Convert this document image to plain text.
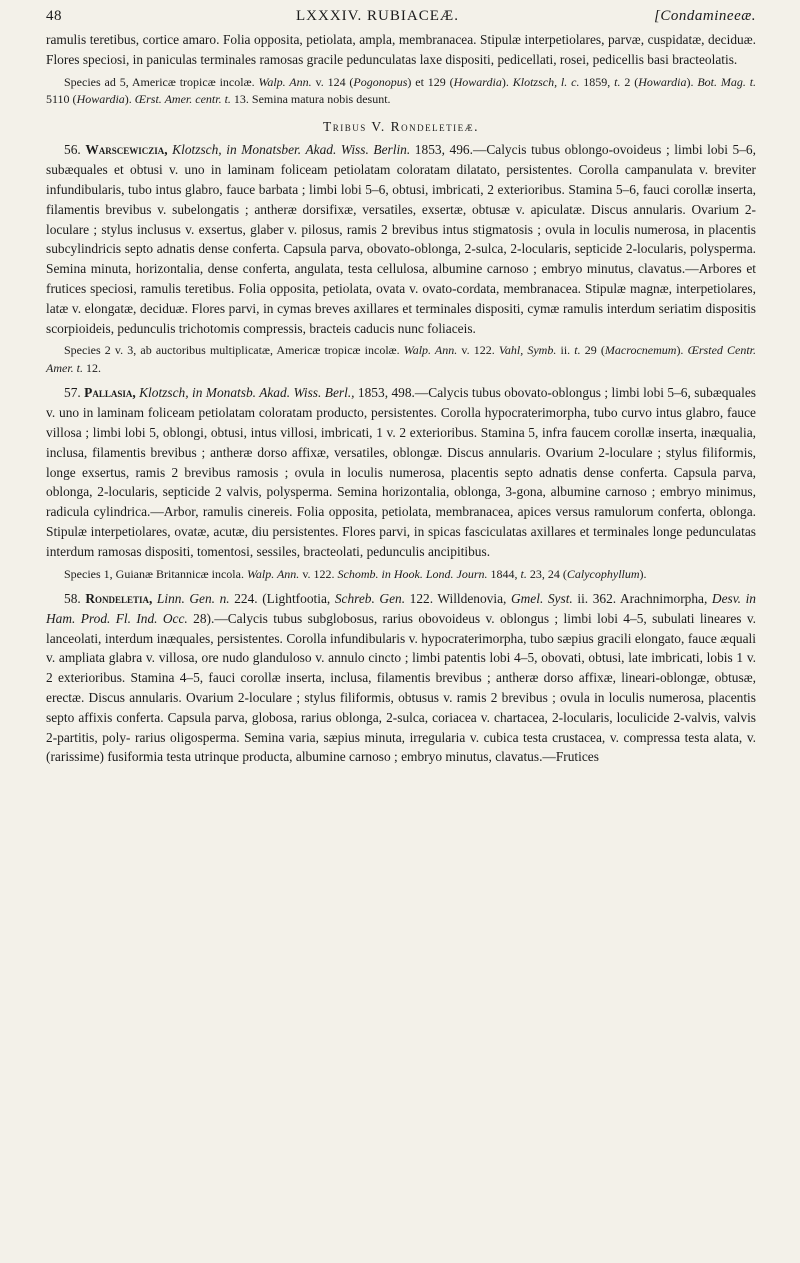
48	LXXXIV. RUBIACEÆ.	[Condamineeæ.

ramulis teretibus, cortice amaro. Folia opposita, petiolata, ampla, membranacea. Stipulæ interpetiolares, parvæ, cuspidatæ, deciduæ. Flores speciosi, in paniculas terminales ramosas gracile pedunculatas laxe dispositi, pedicellati, rosei, pedicellis basi bracteolatis.

Species ad 5, Americæ tropicæ incolæ. Walp. Ann. v. 124 (Pogonopus) et 129 (Howardia). Klotzsch, l. c. 1859, t. 2 (Howardia). Bot. Mag. t. 5110 (Howardia). Œrst. Amer. centr. t. 13. Semina matura nobis desunt.

Tribus V. Rondeletieæ.

56. Warscewiczia, Klotzsch, in Monatsber. Akad. Wiss. Berlin. 1853, 496.—Calycis tubus oblongo-ovoideus ; limbi lobi 5–6, subæquales et obtusi v. uno in laminam foliceam petiolatam coloratam dilatato, persistentes. Corolla campanulata v. breviter infundibularis, tubo intus glabro, fauce barbata ; limbi lobi 5–6, obtusi, imbricati, 2 exterioribus. Stamina 5–6, fauci corollæ inserta, filamentis brevibus v. subelongatis ; antheræ dorsifixæ, versatiles, exsertæ, obtusæ v. apiculatæ. Discus annularis. Ovarium 2-loculare ; stylus inclusus v. exsertus, glaber v. pilosus, ramis 2 brevibus intus stigmatosis ; ovula in loculis numerosa, in placentis subcylindricis septo adnatis dense conferta. Capsula parva, obovato-oblonga, 2-sulca, 2-locularis, septicide 2-locularis, polysperma. Semina minuta, horizontalia, dense conferta, angulata, testa cellulosa, albumine carnoso ; embryo minutus, clavatus.—Arbores et frutices speciosi, ramulis teretibus. Folia opposita, petiolata, ovata v. ovato-cordata, membranacea. Stipulæ magnæ, interpetiolares, latæ v. elongatæ, deciduæ. Flores parvi, in cymas breves axillares et terminales dispositi, cymæ ramulis interdum seriatim dispositis scorpioideis, pedunculis trichotomis compressis, bracteis caducis nunc foliaceis.

Species 2 v. 3, ab auctoribus multiplicatæ, Americæ tropicæ incolæ. Walp. Ann. v. 122. Vahl, Symb. ii. t. 29 (Macrocnemum). Œrsted Centr. Amer. t. 12.

57. Pallasia, Klotzsch, in Monatsb. Akad. Wiss. Berl., 1853, 498.—Calycis tubus obovato-oblongus ; limbi lobi 5–6, subæquales v. uno in laminam foliceam petiolatam coloratam producto, persistentes. Corolla hypocraterimorpha, tubo curvo intus glabro, fauce villosa ; limbi lobi 5, oblongi, obtusi, intus villosi, imbricati, 1 v. 2 exterioribus. Stamina 5, infra faucem corollæ inserta, inæqualia, inclusa, filamentis brevibus ; antheræ dorso affixæ, versatiles, oblongæ. Discus annularis. Ovarium 2-loculare ; stylus filiformis, longe exsertus, ramis 2 brevibus ramosis ; ovula in loculis numerosa, placentis septo adnatis dense conferta. Capsula parva, oblonga, 2-locularis, septicide 2 valvis, polysperma. Semina horizontalia, oblonga, 3-gona, albumine carnoso ; embryo minimus, radicula cylindrica.—Arbor, ramulis cinereis. Folia opposita, petiolata, membranacea, apices versus ramulorum conferta, oblonga. Stipulæ interpetiolares, ovatæ, acutæ, diu persistentes. Flores parvi, in spicas fasciculatas axillares et terminales longe pedunculatas interdum ramosas dispositi, tomentosi, sessiles, bracteolati, pedunculis ancipitibus.

Species 1, Guianæ Britannicæ incola. Walp. Ann. v. 122. Schomb. in Hook. Lond. Journ. 1844, t. 23, 24 (Calycophyllum).

58. Rondeletia, Linn. Gen. n. 224. (Lightfootia, Schreb. Gen. 122. Willdenovia, Gmel. Syst. ii. 362. Arachnimorpha, Desv. in Ham. Prod. Fl. Ind. Occ. 28).—Calycis tubus subglobosus, rarius obovoideus v. oblongus ; limbi lobi 4–5, subulati lineares v. lanceolati, interdum inæquales, persistentes. Corolla infundibularis v. hypocraterimorpha, tubo sæpius gracili elongato, fauce æquali v. ampliata glabra v. villosa, ore nudo glanduloso v. annulo cincto ; limbi patentis lobi 4–5, obovati, obtusi, late imbricati, lobis 1 v. 2 exterioribus. Stamina 4–5, fauci corollæ inserta, inclusa, filamentis brevibus ; antheræ dorso affixæ, lineari-oblongæ, obtusæ, erectæ. Discus annularis. Ovarium 2-loculare ; stylus filiformis, obtusus v. ramis 2 brevibus ; ovula in loculis numerosa, placentis septo affixis conferta. Capsula parva, globosa, rarius oblonga, 2-sulca, coriacea v. chartacea, 2-locularis, loculicide 2-valvis, valvis 2-partitis, poly- rarius oligosperma. Semina varia, sæpius minuta, irregularia v. cubica testa crustacea, v. compressa testa alata, v. (rarissime) fusiformia testa utrinque producta, albumine carnoso ; embryo minutus, clavatus.—Frutices
